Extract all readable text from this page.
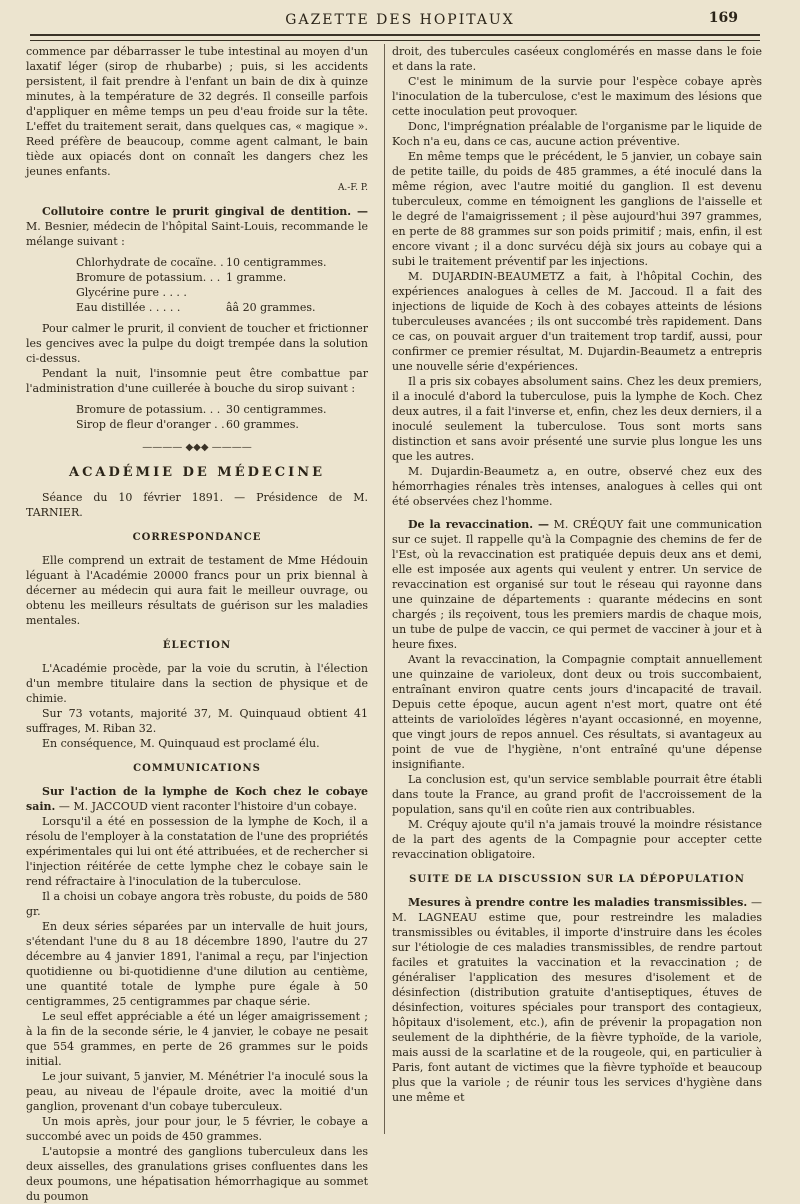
GAZETTE DES HOPITAUX	169

commence par débarrasser le tube intestinal au moyen d'un laxatif léger (sirop de rhubarbe) ; puis, si les accidents persistent, il fait prendre à l'enfant un bain de dix à quinze minutes, à la température de 32 degrés. Il conseille parfois d'appliquer en même temps un peu d'eau froide sur la tête. L'effet du traitement serait, dans quelques cas, « magique ». Reed préfère de beaucoup, comme agent calmant, le bain tiède aux opiacés dont on connaît les dangers chez les jeunes enfants.

A.-F. P.

Collutoire contre le prurit gingival de dentition. — M. Besnier, médecin de l'hôpital Saint-Louis, recommande le mélange suivant :

Chlorhydrate de cocaïne. . 10 centigrammes.
Bromure de potassium. . . 1 gramme.
Glycérine pure . . . .
Eau distillée . . . . .	ââ 20 grammes.

Pour calmer le prurit, il convient de toucher et frictionner les gencives avec la pulpe du doigt trempée dans la solution ci-dessus.

Pendant la nuit, l'insomnie peut être combattue par l'administration d'une cuillerée à bouche du sirop suivant :

Bromure de potassium. . . 30 centigrammes.
Sirop de fleur d'oranger . . 60 grammes.
———— ◆◆◆ ————
ACADÉMIE DE MÉDECINE

Séance du 10 février 1891. — Présidence de M. TARNIER.

CORRESPONDANCE

Elle comprend un extrait de testament de Mme Hédouin léguant à l'Académie 20000 francs pour un prix biennal à décerner au médecin qui aura fait le meilleur ouvrage, ou obtenu les meilleurs résultats de guérison sur les maladies mentales.

ÉLECTION

L'Académie procède, par la voie du scrutin, à l'élection d'un membre titulaire dans la section de physique et de chimie.

Sur 73 votants, majorité 37, M. Quinquaud obtient 41 suffrages, M. Riban 32.

En conséquence, M. Quinquaud est proclamé élu.

COMMUNICATIONS

Sur l'action de la lymphe de Koch chez le cobaye sain. — M. JACCOUD vient raconter l'histoire d'un cobaye.

Lorsqu'il a été en possession de la lymphe de Koch, il a résolu de l'employer à la constatation de l'une des propriétés expérimentales qui lui ont été attribuées, et de rechercher si l'injection réitérée de cette lymphe chez le cobaye sain le rend réfractaire à l'inoculation de la tuberculose.

Il a choisi un cobaye angora très robuste, du poids de 580 gr.

En deux séries séparées par un intervalle de huit jours, s'étendant l'une du 8 au 18 décembre 1890, l'autre du 27 décembre au 4 janvier 1891, l'animal a reçu, par l'injection quotidienne ou bi-quotidienne d'une dilution au centième, une quantité totale de lymphe pure égale à 50 centigrammes, 25 centigrammes par chaque série.

Le seul effet appréciable a été un léger amaigrissement ; à la fin de la seconde série, le 4 janvier, le cobaye ne pesait que 554 grammes, en perte de 26 grammes sur le poids initial.

Le jour suivant, 5 janvier, M. Ménétrier l'a inoculé sous la peau, au niveau de l'épaule droite, avec la moitié d'un ganglion, provenant d'un cobaye tuberculeux.

Un mois après, jour pour jour, le 5 février, le cobaye a succombé avec un poids de 450 grammes.

L'autopsie a montré des ganglions tuberculeux dans les deux aisselles, des granulations grises confluentes dans les deux poumons, une hépatisation hémorrhagique au sommet du poumon

droit, des tubercules caséeux conglomérés en masse dans le foie et dans la rate.

C'est le minimum de la survie pour l'espèce cobaye après l'inoculation de la tuberculose, c'est le maximum des lésions que cette inoculation peut provoquer.

Donc, l'imprégnation préalable de l'organisme par le liquide de Koch n'a eu, dans ce cas, aucune action préventive.

En même temps que le précédent, le 5 janvier, un cobaye sain de petite taille, du poids de 485 grammes, a été inoculé dans la même région, avec l'autre moitié du ganglion. Il est devenu tuberculeux, comme en témoignent les ganglions de l'aisselle et le degré de l'amaigrissement ; il pèse aujourd'hui 397 grammes, en perte de 88 grammes sur son poids primitif ; mais, enfin, il est encore vivant ; il a donc survécu déjà six jours au cobaye qui a subi le traitement préventif par les injections.

M. DUJARDIN-BEAUMETZ a fait, à l'hôpital Cochin, des expériences analogues à celles de M. Jaccoud. Il a fait des injections de liquide de Koch à des cobayes atteints de lésions tuberculeuses avancées ; ils ont succombé très rapidement. Dans ce cas, on pouvait arguer d'un traitement trop tardif, aussi, pour confirmer ce premier résultat, M. Dujardin-Beaumetz a entrepris une nouvelle série d'expériences.

Il a pris six cobayes absolument sains. Chez les deux premiers, il a inoculé d'abord la tuberculose, puis la lymphe de Koch. Chez deux autres, il a fait l'inverse et, enfin, chez les deux derniers, il a inoculé seulement la tuberculose. Tous sont morts sans distinction et sans avoir présenté une survie plus longue les uns que les autres.

M. Dujardin-Beaumetz a, en outre, observé chez eux des hémorrhagies rénales très intenses, analogues à celles qui ont été observées chez l'homme.

De la revaccination. — M. CRÉQUY fait une communication sur ce sujet. Il rappelle qu'à la Compagnie des chemins de fer de l'Est, où la revaccination est pratiquée depuis deux ans et demi, elle est imposée aux agents qui veulent y entrer. Un service de revaccination est organisé sur tout le réseau qui rayonne dans une quinzaine de départements : quarante médecins en sont chargés ; ils reçoivent, tous les premiers mardis de chaque mois, un tube de pulpe de vaccin, ce qui permet de vacciner à jour et à heure fixes.

Avant la revaccination, la Compagnie comptait annuellement une quinzaine de varioleux, dont deux ou trois succombaient, entraînant environ quatre cents jours d'incapacité de travail. Depuis cette époque, aucun agent n'est mort, quatre ont été atteints de varioloïdes légères n'ayant occasionné, en moyenne, que vingt jours de repos annuel. Ces résultats, si avantageux au point de vue de l'hygiène, n'ont entraîné qu'une dépense insignifiante.

La conclusion est, qu'un service semblable pourrait être établi dans toute la France, au grand profit de l'accroissement de la population, sans qu'il en coûte rien aux contribuables.

M. Créquy ajoute qu'il n'a jamais trouvé la moindre résistance de la part des agents de la Compagnie pour accepter cette revaccination obligatoire.

SUITE DE LA DISCUSSION SUR LA DÉPOPULATION

Mesures à prendre contre les maladies transmissibles. — M. LAGNEAU estime que, pour restreindre les maladies transmissibles ou évitables, il importe d'instruire dans les écoles sur l'étiologie de ces maladies transmissibles, de rendre partout faciles et gratuites la vaccination et la revaccination ; de généraliser l'application des mesures d'isolement et de désinfection (distribution gratuite d'antiseptiques, étuves de désinfection, voitures spéciales pour transport des contagieux, hôpitaux d'isolement, etc.), afin de prévenir la propagation non seulement de la diphthérie, de la fièvre typhoïde, de la variole, mais aussi de la scarlatine et de la rougeole, qui, en particulier à Paris, font autant de victimes que la fièvre typhoïde et beaucoup plus que la variole ; de réunir tous les services d'hygiène dans une même et
